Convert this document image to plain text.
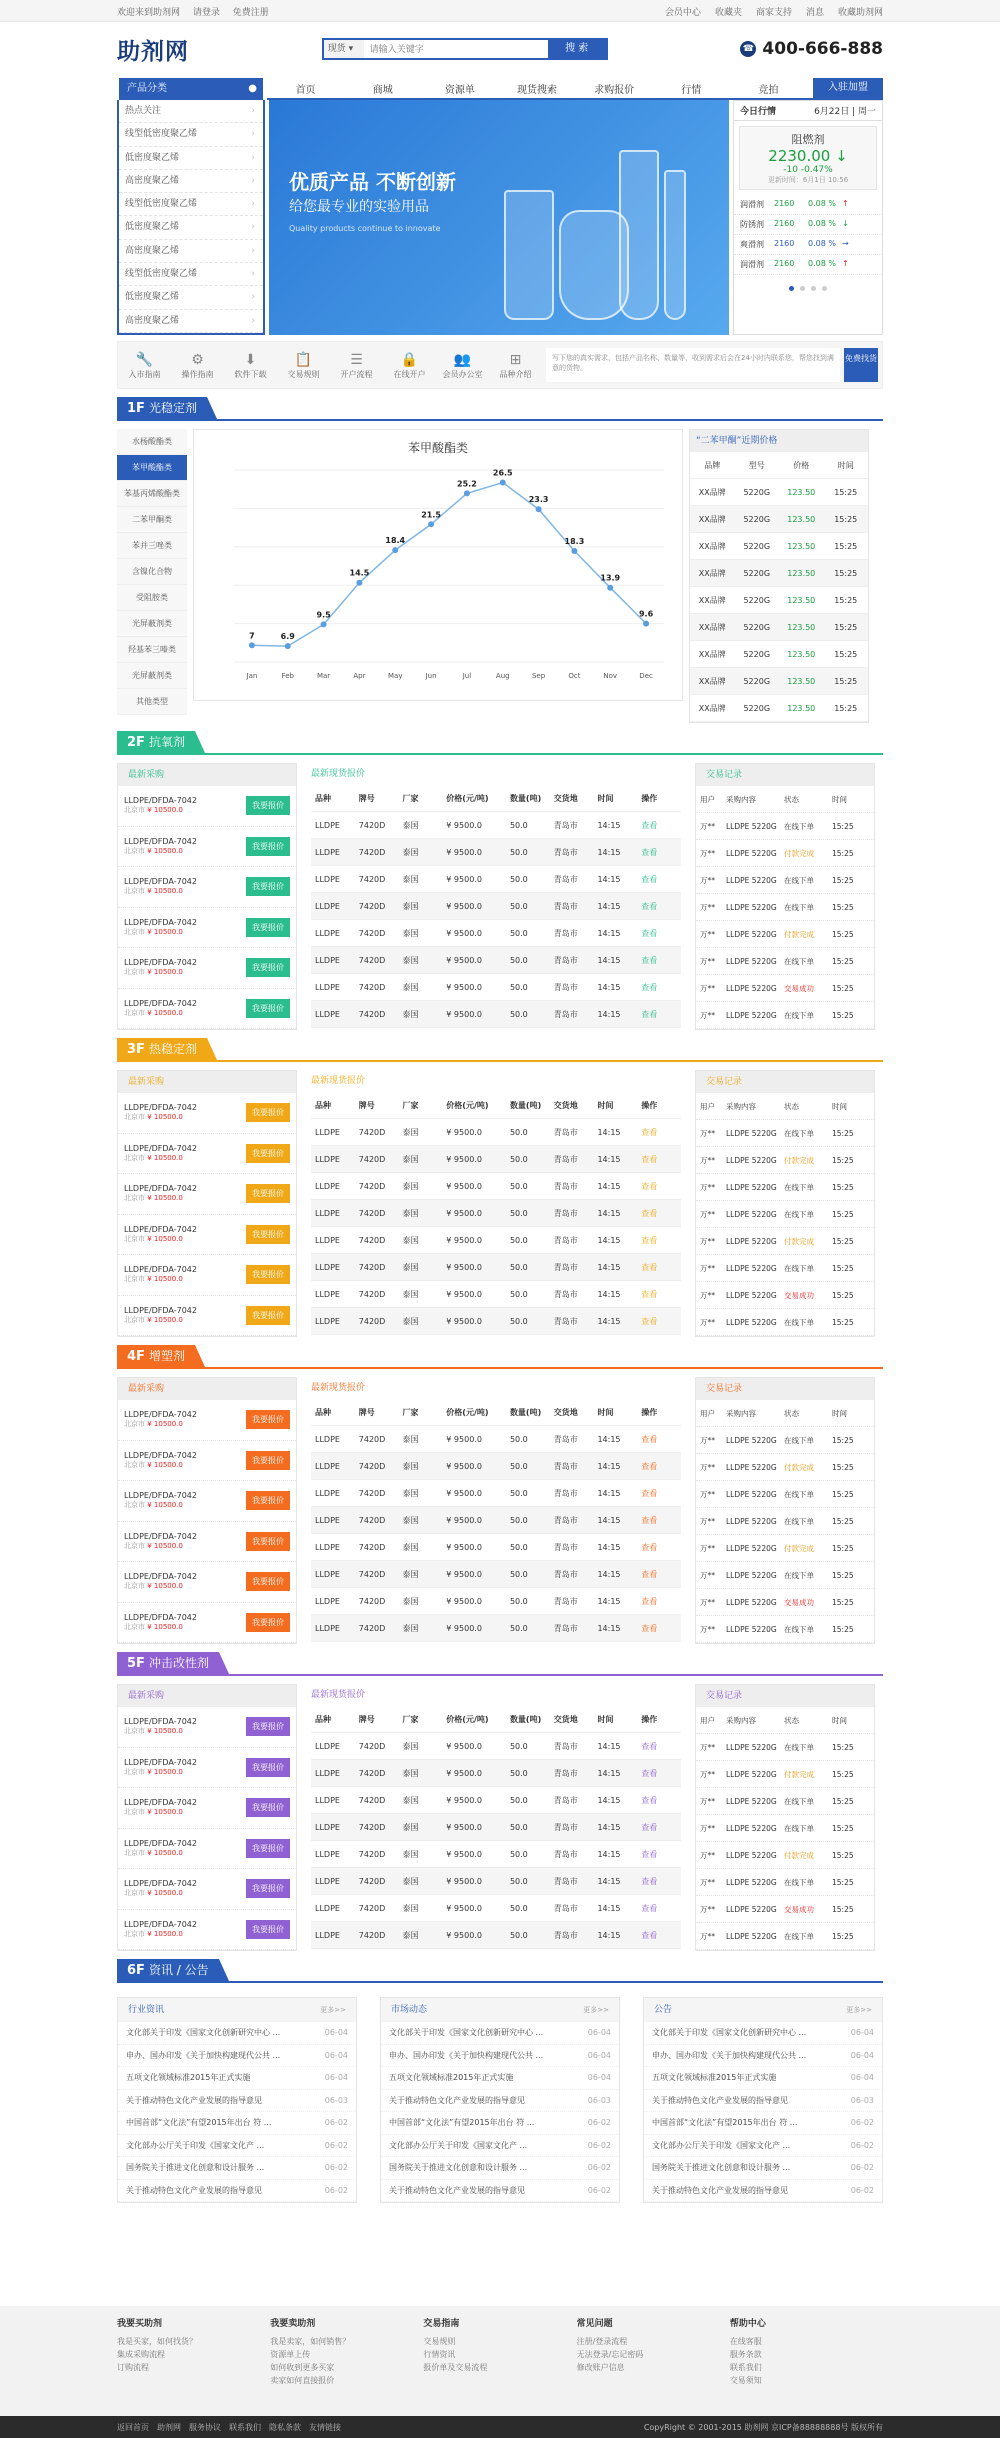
欢迎来到助剂网 请登录 免费注册	会员中心 收藏夹 商家支持 消息 收藏助剂网
助剂网	现货 ▾
请输入关键字	搜 索	☎ 400-666-888
首页	商城	资源单	现货搜索	求购报价	行情	竞拍	入驻加盟
产品分类	●
热点关注	›
线型低密度聚乙烯	›
低密度聚乙烯	›
高密度聚乙烯	›
线型低密度聚乙烯	›
低密度聚乙烯	›
高密度聚乙烯	›
线型低密度聚乙烯	›
低密度聚乙烯	›
高密度聚乙烯	›
优质产品 不断创新
给您最专业的实验用品
Quality products continue to innovate
今日行情	6月22日 | 周一
阻燃剂
2230.00 ↓
-10 -0.47%
更新时间：6月1日 10:56
润滑剂	2160	0.08 % ↑
防锈剂	2160	0.08 % ↓
爽滑剂	2160	0.08 % →
润滑剂	2160	0.08 % ↑
🔧
入市指南
⚙
操作指南
⬇
软件下载
📋
交易规则
☰
开户流程
🔒
在线开户
👥
会员办公室
⊞
品种介绍
写下您的真实需求，包括产品名称、数量等，收到需求后会在24小时内联系您，帮您找到满意的货物。
免费找货
1F 光稳定剂
水杨酸酯类
苯甲酸酯类
苯基丙烯酸酯类
二苯甲酮类
苯并三唑类
含镍化合物
受阻胺类
光屏蔽剂类
羟基苯三嗪类
光屏蔽剂类
其他类型
苯甲酸酯类
7
Jan
6.9
Feb
9.5
Mar
14.5
Apr
18.4
May
21.5
Jun
25.2
Jul
26.5
Aug
23.3
Sep
18.3
Oct
13.9
Nov
9.6
Dec
“二苯甲酮”近期价格
品牌	型号	价格	时间
XX品牌	5220G	123.50	15:25
XX品牌	5220G	123.50	15:25
XX品牌	5220G	123.50	15:25
XX品牌	5220G	123.50	15:25
XX品牌	5220G	123.50	15:25
XX品牌	5220G	123.50	15:25
XX品牌	5220G	123.50	15:25
XX品牌	5220G	123.50	15:25
XX品牌	5220G	123.50	15:25
2F 抗氧剂
最新采购
LLDPE/DFDA-7042
北京市 ¥ 10500.0	我要报价
LLDPE/DFDA-7042
北京市 ¥ 10500.0	我要报价
LLDPE/DFDA-7042
北京市 ¥ 10500.0	我要报价
LLDPE/DFDA-7042
北京市 ¥ 10500.0	我要报价
LLDPE/DFDA-7042
北京市 ¥ 10500.0	我要报价
LLDPE/DFDA-7042
北京市 ¥ 10500.0	我要报价
最新现货报价
品种	牌号	厂家	价格(元/吨)	数量(吨)	交货地	时间	操作
LLDPE	7420D	泰国	¥ 9500.0	50.0	青岛市	14:15	查看
LLDPE	7420D	泰国	¥ 9500.0	50.0	青岛市	14:15	查看
LLDPE	7420D	泰国	¥ 9500.0	50.0	青岛市	14:15	查看
LLDPE	7420D	泰国	¥ 9500.0	50.0	青岛市	14:15	查看
LLDPE	7420D	泰国	¥ 9500.0	50.0	青岛市	14:15	查看
LLDPE	7420D	泰国	¥ 9500.0	50.0	青岛市	14:15	查看
LLDPE	7420D	泰国	¥ 9500.0	50.0	青岛市	14:15	查看
LLDPE	7420D	泰国	¥ 9500.0	50.0	青岛市	14:15	查看
交易记录
用户	采购内容	状态	时间
万**	LLDPE 5220G 在线下单	15:25
万**	LLDPE 5220G 付款完成	15:25
万**	LLDPE 5220G 在线下单	15:25
万**	LLDPE 5220G 在线下单	15:25
万**	LLDPE 5220G 付款完成	15:25
万**	LLDPE 5220G 在线下单	15:25
万**	LLDPE 5220G 交易成功	15:25
万**	LLDPE 5220G 在线下单	15:25
3F 热稳定剂
最新采购
LLDPE/DFDA-7042
北京市 ¥ 10500.0	我要报价
LLDPE/DFDA-7042
北京市 ¥ 10500.0	我要报价
LLDPE/DFDA-7042
北京市 ¥ 10500.0	我要报价
LLDPE/DFDA-7042
北京市 ¥ 10500.0	我要报价
LLDPE/DFDA-7042
北京市 ¥ 10500.0	我要报价
LLDPE/DFDA-7042
北京市 ¥ 10500.0	我要报价
最新现货报价
品种	牌号	厂家	价格(元/吨)	数量(吨)	交货地	时间	操作
LLDPE	7420D	泰国	¥ 9500.0	50.0	青岛市	14:15	查看
LLDPE	7420D	泰国	¥ 9500.0	50.0	青岛市	14:15	查看
LLDPE	7420D	泰国	¥ 9500.0	50.0	青岛市	14:15	查看
LLDPE	7420D	泰国	¥ 9500.0	50.0	青岛市	14:15	查看
LLDPE	7420D	泰国	¥ 9500.0	50.0	青岛市	14:15	查看
LLDPE	7420D	泰国	¥ 9500.0	50.0	青岛市	14:15	查看
LLDPE	7420D	泰国	¥ 9500.0	50.0	青岛市	14:15	查看
LLDPE	7420D	泰国	¥ 9500.0	50.0	青岛市	14:15	查看
交易记录
用户	采购内容	状态	时间
万**	LLDPE 5220G 在线下单	15:25
万**	LLDPE 5220G 付款完成	15:25
万**	LLDPE 5220G 在线下单	15:25
万**	LLDPE 5220G 在线下单	15:25
万**	LLDPE 5220G 付款完成	15:25
万**	LLDPE 5220G 在线下单	15:25
万**	LLDPE 5220G 交易成功	15:25
万**	LLDPE 5220G 在线下单	15:25
4F 增塑剂
最新采购
LLDPE/DFDA-7042
北京市 ¥ 10500.0	我要报价
LLDPE/DFDA-7042
北京市 ¥ 10500.0	我要报价
LLDPE/DFDA-7042
北京市 ¥ 10500.0	我要报价
LLDPE/DFDA-7042
北京市 ¥ 10500.0	我要报价
LLDPE/DFDA-7042
北京市 ¥ 10500.0	我要报价
LLDPE/DFDA-7042
北京市 ¥ 10500.0	我要报价
最新现货报价
品种	牌号	厂家	价格(元/吨)	数量(吨)	交货地	时间	操作
LLDPE	7420D	泰国	¥ 9500.0	50.0	青岛市	14:15	查看
LLDPE	7420D	泰国	¥ 9500.0	50.0	青岛市	14:15	查看
LLDPE	7420D	泰国	¥ 9500.0	50.0	青岛市	14:15	查看
LLDPE	7420D	泰国	¥ 9500.0	50.0	青岛市	14:15	查看
LLDPE	7420D	泰国	¥ 9500.0	50.0	青岛市	14:15	查看
LLDPE	7420D	泰国	¥ 9500.0	50.0	青岛市	14:15	查看
LLDPE	7420D	泰国	¥ 9500.0	50.0	青岛市	14:15	查看
LLDPE	7420D	泰国	¥ 9500.0	50.0	青岛市	14:15	查看
交易记录
用户	采购内容	状态	时间
万**	LLDPE 5220G 在线下单	15:25
万**	LLDPE 5220G 付款完成	15:25
万**	LLDPE 5220G 在线下单	15:25
万**	LLDPE 5220G 在线下单	15:25
万**	LLDPE 5220G 付款完成	15:25
万**	LLDPE 5220G 在线下单	15:25
万**	LLDPE 5220G 交易成功	15:25
万**	LLDPE 5220G 在线下单	15:25
5F 冲击改性剂
最新采购
LLDPE/DFDA-7042
北京市 ¥ 10500.0	我要报价
LLDPE/DFDA-7042
北京市 ¥ 10500.0	我要报价
LLDPE/DFDA-7042
北京市 ¥ 10500.0	我要报价
LLDPE/DFDA-7042
北京市 ¥ 10500.0	我要报价
LLDPE/DFDA-7042
北京市 ¥ 10500.0	我要报价
LLDPE/DFDA-7042
北京市 ¥ 10500.0	我要报价
最新现货报价
品种	牌号	厂家	价格(元/吨)	数量(吨)	交货地	时间	操作
LLDPE	7420D	泰国	¥ 9500.0	50.0	青岛市	14:15	查看
LLDPE	7420D	泰国	¥ 9500.0	50.0	青岛市	14:15	查看
LLDPE	7420D	泰国	¥ 9500.0	50.0	青岛市	14:15	查看
LLDPE	7420D	泰国	¥ 9500.0	50.0	青岛市	14:15	查看
LLDPE	7420D	泰国	¥ 9500.0	50.0	青岛市	14:15	查看
LLDPE	7420D	泰国	¥ 9500.0	50.0	青岛市	14:15	查看
LLDPE	7420D	泰国	¥ 9500.0	50.0	青岛市	14:15	查看
LLDPE	7420D	泰国	¥ 9500.0	50.0	青岛市	14:15	查看
交易记录
用户	采购内容	状态	时间
万**	LLDPE 5220G 在线下单	15:25
万**	LLDPE 5220G 付款完成	15:25
万**	LLDPE 5220G 在线下单	15:25
万**	LLDPE 5220G 在线下单	15:25
万**	LLDPE 5220G 付款完成	15:25
万**	LLDPE 5220G 在线下单	15:25
万**	LLDPE 5220G 交易成功	15:25
万**	LLDPE 5220G 在线下单	15:25
6F 资讯 / 公告
行业资讯	更多>>
文化部关于印发《国家文化创新研究中心 ...	06-04
申办、国办印发《关于加快构建现代公共 ...	06-04
五项文化领域标准2015年正式实施	06-04
关于推动特色文化产业发展的指导意见	06-03
中国首部“文化法”有望2015年出台 符 ...	06-02
文化部办公厅关于印发《国家文化产 ...	06-02
国务院关于推进文化创意和设计服务 ...	06-02
关于推动特色文化产业发展的指导意见	06-02
市场动态	更多>>
文化部关于印发《国家文化创新研究中心 ...	06-04
申办、国办印发《关于加快构建现代公共 ...	06-04
五项文化领域标准2015年正式实施	06-04
关于推动特色文化产业发展的指导意见	06-03
中国首部“文化法”有望2015年出台 符 ...	06-02
文化部办公厅关于印发《国家文化产 ...	06-02
国务院关于推进文化创意和设计服务 ...	06-02
关于推动特色文化产业发展的指导意见	06-02
公告	更多>>
文化部关于印发《国家文化创新研究中心 ...	06-04
申办、国办印发《关于加快构建现代公共 ...	06-04
五项文化领域标准2015年正式实施	06-04
关于推动特色文化产业发展的指导意见	06-03
中国首部“文化法”有望2015年出台 符 ...	06-02
文化部办公厅关于印发《国家文化产 ...	06-02
国务院关于推进文化创意和设计服务 ...	06-02
关于推动特色文化产业发展的指导意见	06-02
我要买助剂
我是买家，如何找货？
集成采购流程
订购流程
我要卖助剂
我是卖家，如何销售？
资源单上传
如何收到更多买家
卖家如何直接报价
交易指南
交易规则
行情资讯
报价单及交易流程
常见问题
注册/登录流程
无法登录/忘记密码
修改账户信息
帮助中心
在线客服
服务条款
联系我们
交易须知
返回首页 助剂网 服务协议 联系我们 隐私条款 友情链接	CopyRight © 2001-2015 助剂网 京ICP备88888888号 版权所有
